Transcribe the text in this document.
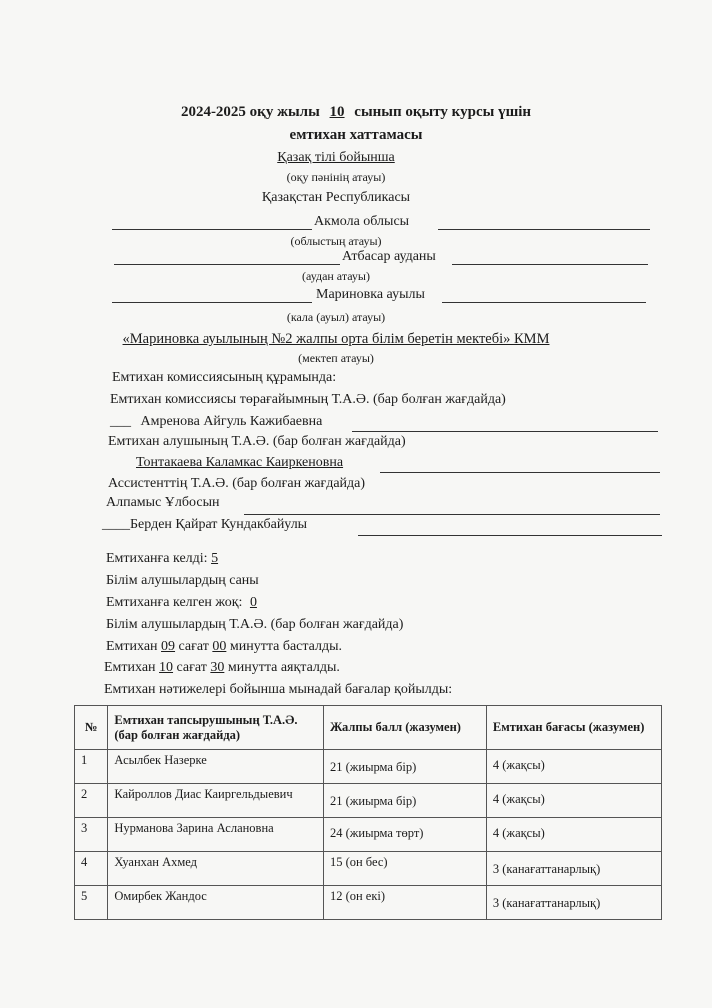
2024-2025 оқу жылы 10 сынып оқыту курсы үшін
емтихан хаттамасы
Қазақ тілі бойынша
(оқу пәнінің атауы)
Қазақстан Республикасы
Акмола облысы
(облыстың атауы)
Атбасар ауданы
(аудан атауы)
Мариновка ауылы
(кала (ауыл) атауы)
«Мариновка ауылының №2 жалпы орта білім беретін мектебі» КММ
(мектеп атауы)
Емтихан комиссиясының құрамында:
Емтихан комиссиясы төрағайымның Т.А.Ә. (бар болған жағдайда)
___ Амренова Айгуль Кажибаевна
Емтихан алушының Т.А.Ә. (бар болған жағдайда)
Тонтакаева Каламкас Каиркеновна
Ассистенттің Т.А.Ә. (бар болған жағдайда)
Алпамыс Ұлбосын
____Берден Қайрат Кундакбайулы
Емтиханға келді: 5
Білім алушылардың саны
Емтиханға келген жоқ: 0
Білім алушылардың Т.А.Ә. (бар болған жағдайда)
Емтихан 09 сағат 00 минутта басталды.
Емтихан 10 сағат 30 минутта аяқталды.
Емтихан нәтижелері бойынша мынадай бағалар қойылды:
№	Емтихан тапсырушының Т.А.Ә.
(бар болған жағдайда)	Жалпы балл (жазумен)	Емтихан бағасы (жазумен)
1	Асылбек Назерке	21 (жиырма бір)	4 (жақсы)
2	Кайроллов Диас Каиргельдыевич	21 (жиырма бір)	4 (жақсы)
3	Нурманова Зарина Аслановна	24 (жиырма төрт)	4 (жақсы)
4	Хуанхан Ахмед	15 (он бес)	3 (канағаттанарлық)
5	Омирбек Жандос	12 (он екі)	3 (канағаттанарлық)
